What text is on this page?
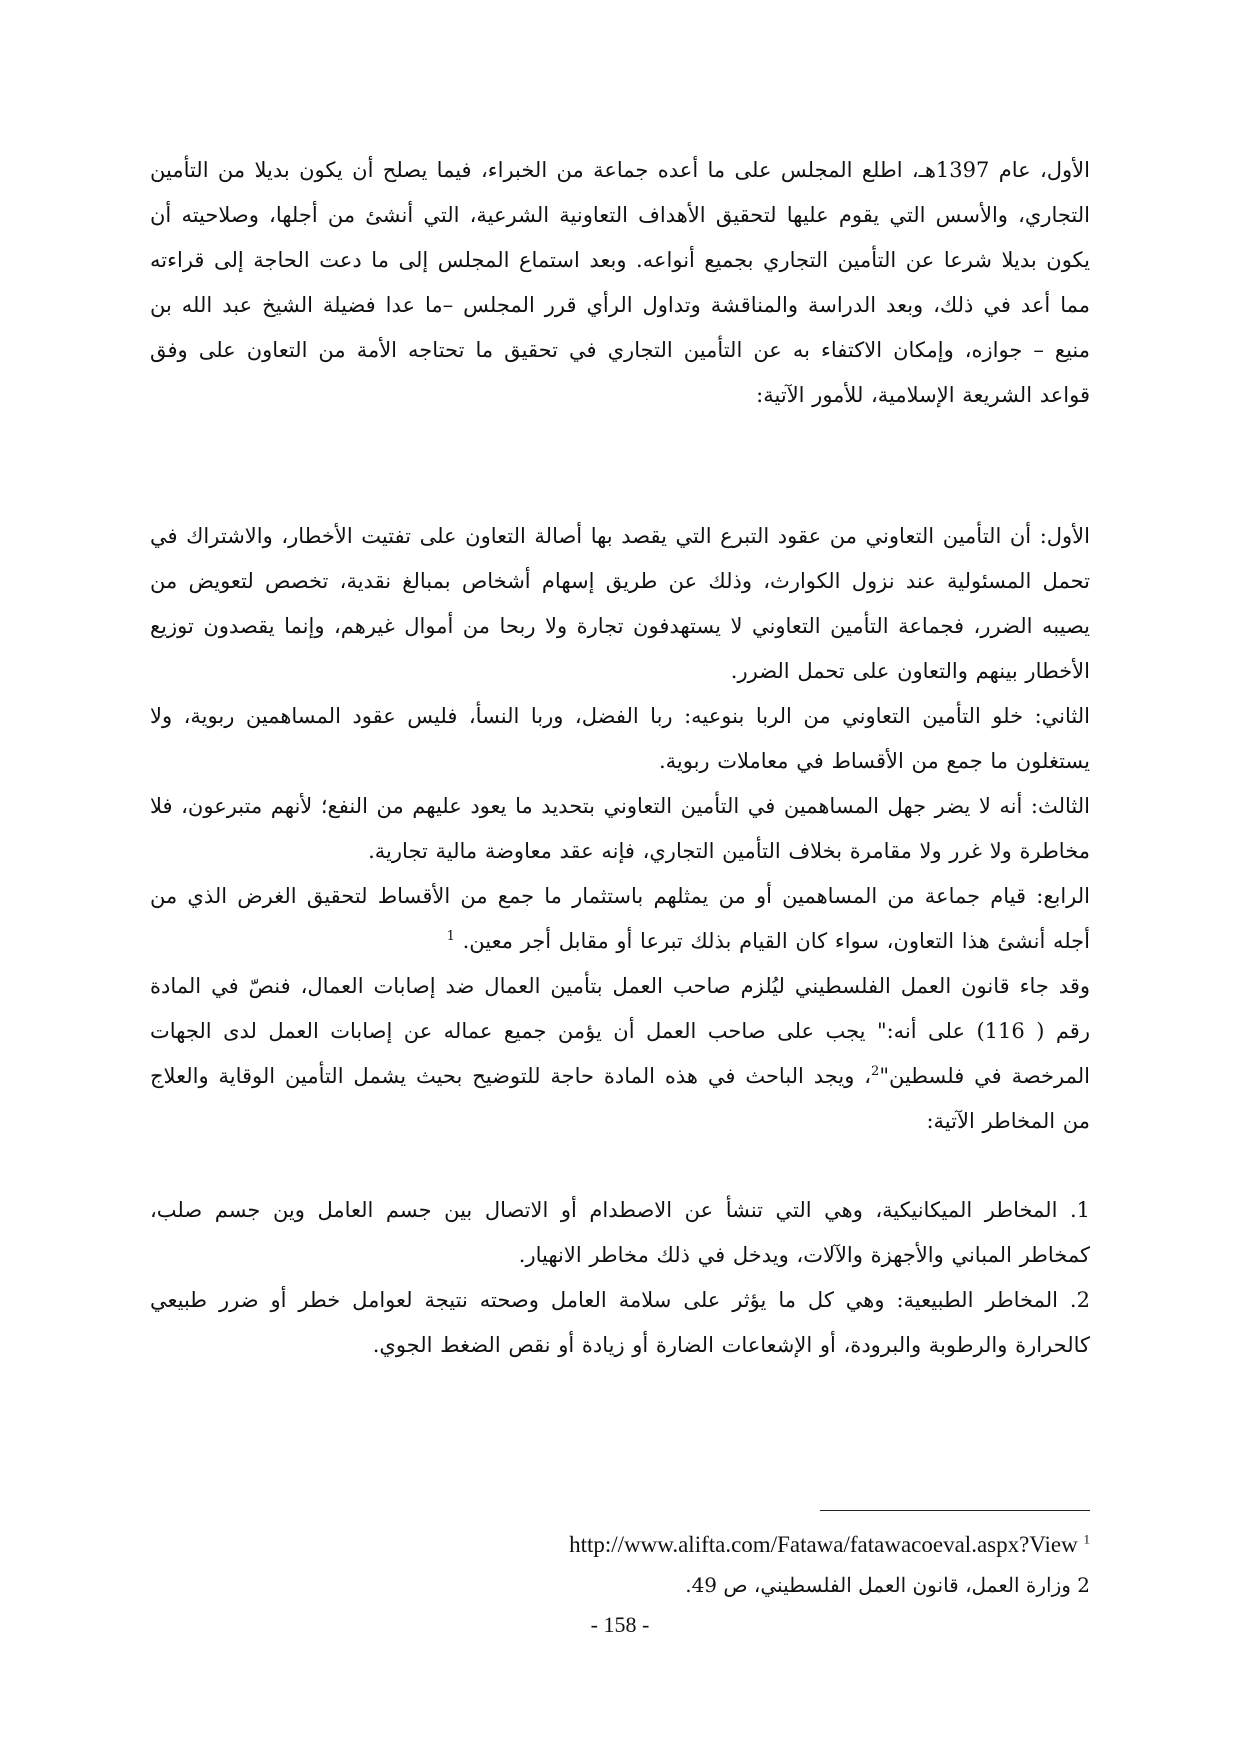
الأول، عام 1397هـ، اطلع المجلس على ما أعده جماعة من الخبراء، فيما يصلح أن يكون بديلا من التأمين التجاري، والأسس التي يقوم عليها لتحقيق الأهداف التعاونية الشرعية، التي أنشئ من أجلها، وصلاحيته أن يكون بديلا شرعا عن التأمين التجاري بجميع أنواعه. وبعد استماع المجلس إلى ما دعت الحاجة إلى قراءته مما أعد في ذلك، وبعد الدراسة والمناقشة وتداول الرأي قرر المجلس –ما عدا فضيلة الشيخ عبد الله بن منيع – جوازه، وإمكان الاكتفاء به عن التأمين التجاري في تحقيق ما تحتاجه الأمة من التعاون على وفق قواعد الشريعة الإسلامية، للأمور الآتية:

الأول: أن التأمين التعاوني من عقود التبرع التي يقصد بها أصالة التعاون على تفتيت الأخطار، والاشتراك في تحمل المسئولية عند نزول الكوارث، وذلك عن طريق إسهام أشخاص بمبالغ نقدية، تخصص لتعويض من يصيبه الضرر، فجماعة التأمين التعاوني لا يستهدفون تجارة ولا ربحا من أموال غيرهم، وإنما يقصدون توزيع الأخطار بينهم والتعاون على تحمل الضرر.

الثاني: خلو التأمين التعاوني من الربا بنوعيه: ربا الفضل، وربا النسأ، فليس عقود المساهمين ربوية، ولا يستغلون ما جمع من الأقساط في معاملات ربوية.

الثالث: أنه لا يضر جهل المساهمين في التأمين التعاوني بتحديد ما يعود عليهم من النفع؛ لأنهم متبرعون، فلا مخاطرة ولا غرر ولا مقامرة بخلاف التأمين التجاري، فإنه عقد معاوضة مالية تجارية.

الرابع: قيام جماعة من المساهمين أو من يمثلهم باستثمار ما جمع من الأقساط لتحقيق الغرض الذي من أجله أنشئ هذا التعاون، سواء كان القيام بذلك تبرعا أو مقابل أجر معين. $^1$

وقد جاء قانون العمل الفلسطيني ليُلزم صاحب العمل بتأمين العمال ضد إصابات العمال، فنصّ في المادة رقم ( 116) على أنه:" يجب على صاحب العمل أن يؤمن جميع عماله عن إصابات العمل لدى الجهات المرخصة في فلسطين"$^2$، ويجد الباحث في هذه المادة حاجة للتوضيح بحيث يشمل التأمين الوقاية والعلاج من المخاطر الآتية:

1. المخاطر الميكانيكية، وهي التي تنشأ عن الاصطدام أو الاتصال بين جسم العامل وين جسم صلب، كمخاطر المباني والأجهزة والآلات، ويدخل في ذلك مخاطر الانهيار.

2. المخاطر الطبيعية: وهي كل ما يؤثر على سلامة العامل وصحته نتيجة لعوامل خطر أو ضرر طبيعي كالحرارة والرطوبة والبرودة، أو الإشعاعات الضارة أو زيادة أو نقص الضغط الجوي.

http://www.alifta.com/Fatawa/fatawacoeval.aspx?View $^1$
2 وزارة العمل، قانون العمل الفلسطيني، ص 49.
- 158 -
